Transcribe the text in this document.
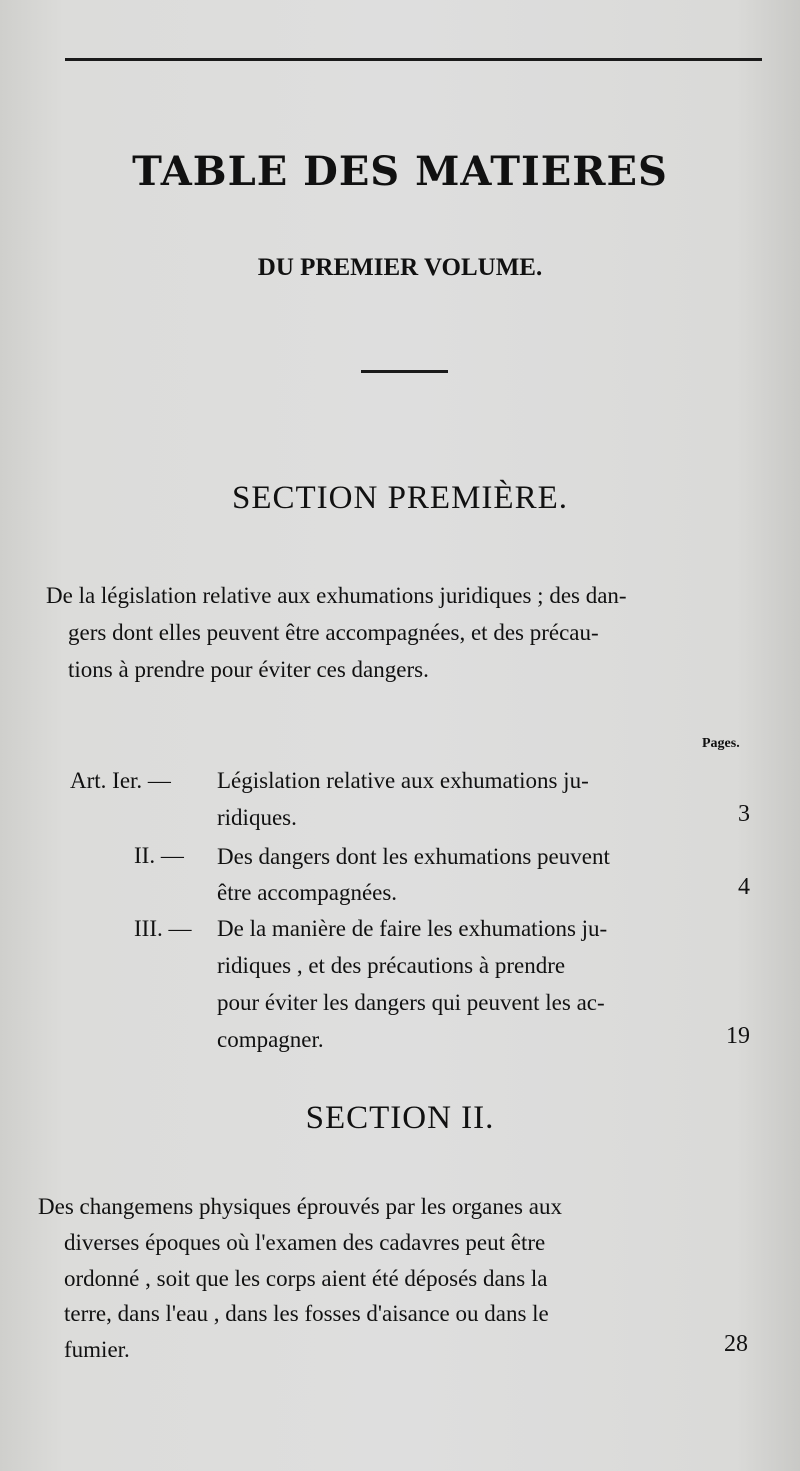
TABLE DES MATIERES
DU PREMIER VOLUME.
SECTION PREMIÈRE.
De la législation relative aux exhumations juridiques ; des dan-
gers dont elles peuvent être accompagnées, et des précau-
tions à prendre pour éviter ces dangers.
Pages.
Art. Ier. — Législation relative aux exhumations ju-
ridiques.	3
II. — Des dangers dont les exhumations peuvent
être accompagnées.	4
III. — De la manière de faire les exhumations ju-
ridiques , et des précautions à prendre
pour éviter les dangers qui peuvent les ac-
compagner.	19
SECTION II.
Des changemens physiques éprouvés par les organes aux
diverses époques où l'examen des cadavres peut être
ordonné , soit que les corps aient été déposés dans la
terre, dans l'eau , dans les fosses d'aisance ou dans le
fumier.	28
